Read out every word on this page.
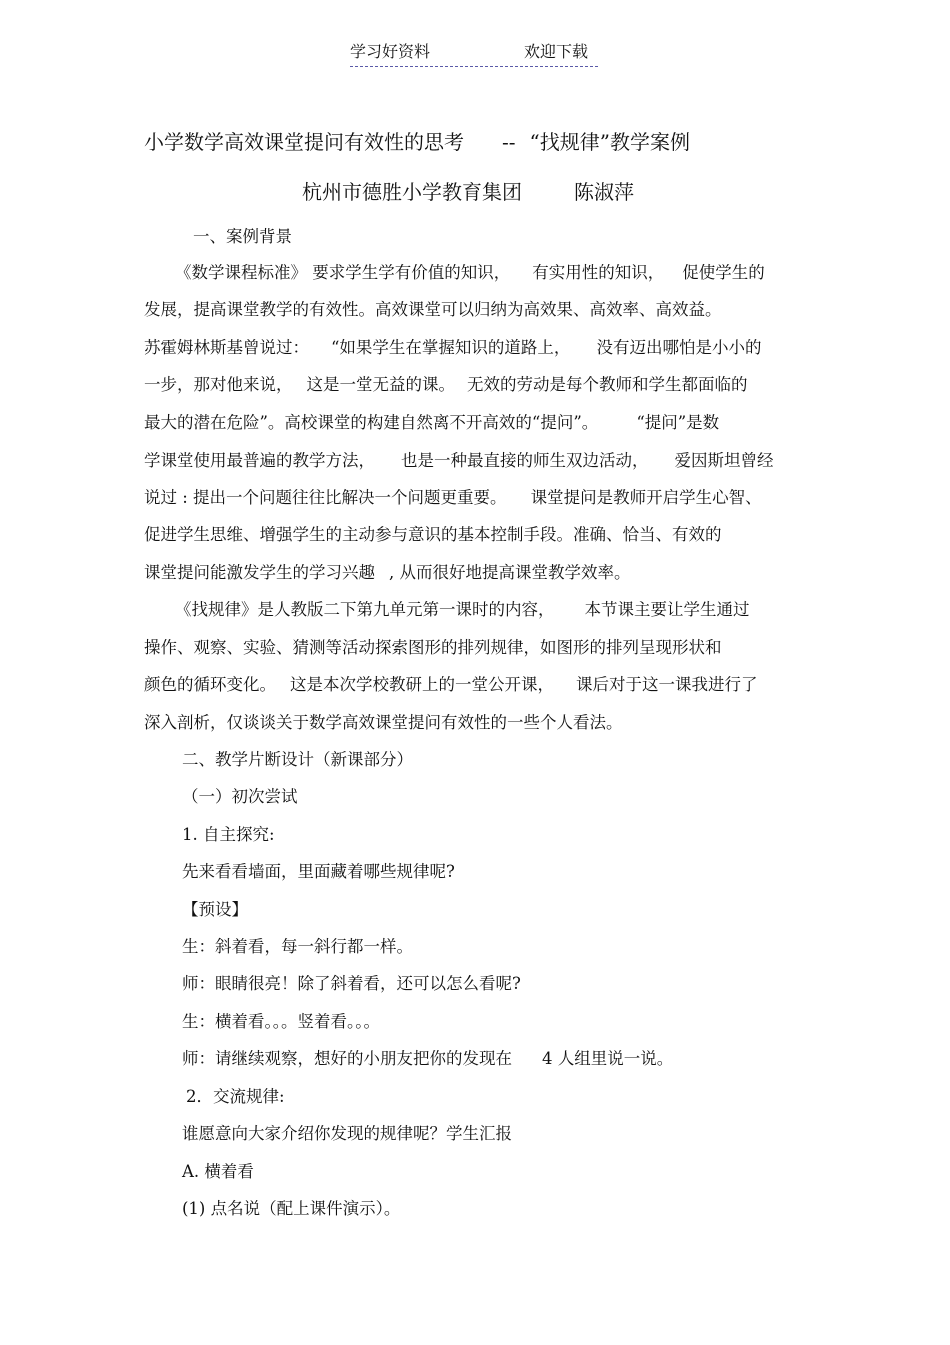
学习好资料	欢迎下载
小学数学高效课堂提问有效性的思考 -- “找规律”教学案例
杭州市德胜小学教育集团	陈淑萍
一、案例背景
《数学课程标准》 要求学生学有价值的知识， 有实用性的知识， 促使学生的
发展，提高课堂教学的有效性。高效课堂可以归纳为高效果、高效率、高效益。
苏霍姆林斯基曾说过： “如果学生在掌握知识的道路上， 没有迈出哪怕是小小的
一步，那对他来说， 这是一堂无益的课。 无效的劳动是每个教师和学生都面临的
最大的潜在危险”。高校课堂的构建自然离不开高效的“提问”。 “提问”是数
学课堂使用最普遍的教学方法， 也是一种最直接的师生双边活动， 爱因斯坦曾经
说过 : 提出一个问题往往比解决一个问题更重要。 课堂提问是教师开启学生心智、
促进学生思维、增强学生的主动参与意识的基本控制手段。准确、恰当、有效的
课堂提问能激发学生的学习兴趣 , 从而很好地提高课堂教学效率。
《找规律》是人教版二下第九单元第一课时的内容， 本节课主要让学生通过
操作、观察、实验、猜测等活动探索图形的排列规律，如图形的排列呈现形状和
颜色的循环变化。 这是本次学校教研上的一堂公开课， 课后对于这一课我进行了
深入剖析，仅谈谈关于数学高效课堂提问有效性的一些个人看法。
二、教学片断设计（新课部分）
（一）初次尝试
1. 自主探究:
先来看看墙面，里面藏着哪些规律呢?
【预设】
生：斜着看，每一斜行都一样。
师：眼睛很亮！除了斜着看，还可以怎么看呢?
生：横着看。。。竖着看。。。
师：请继续观察，想好的小朋友把你的发现在 4 人组里说一说。
2．交流规律:
谁愿意向大家介绍你发现的规律呢？学生汇报
A. 横着看
(1) 点名说（配上课件演示）。
